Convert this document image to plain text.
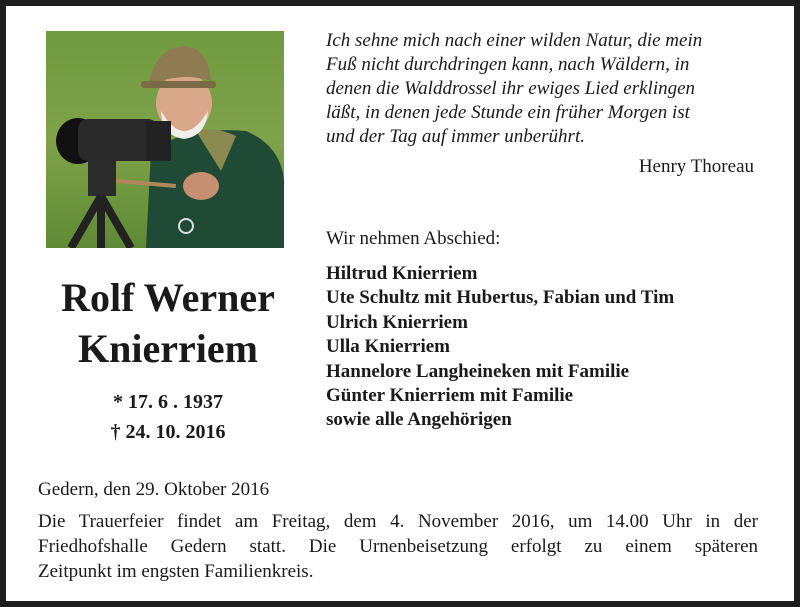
Ich sehne mich nach einer wilden Natur, die mein
Fuß nicht durchdringen kann, nach Wäldern, in
denen die Walddrossel ihr ewiges Lied erklingen
läßt, in denen jede Stunde ein früher Morgen ist
und der Tag auf immer unberührt.
Henry Thoreau
Wir nehmen Abschied:
Hiltrud Knierriem
Ute Schultz mit Hubertus, Fabian und Tim
Ulrich Knierriem
Ulla Knierriem
Hannelore Langheineken mit Familie
Günter Knierriem mit Familie
sowie alle Angehörigen
Rolf Werner
Knierriem
* 17. 6 . 1937
† 24. 10. 2016
Gedern, den 29. Oktober 2016
Die Trauerfeier findet am Freitag, dem 4. November 2016, um 14.00 Uhr in der
Friedhofshalle Gedern statt. Die Urnenbeisetzung erfolgt zu einem späteren
Zeitpunkt im engsten Familienkreis.
